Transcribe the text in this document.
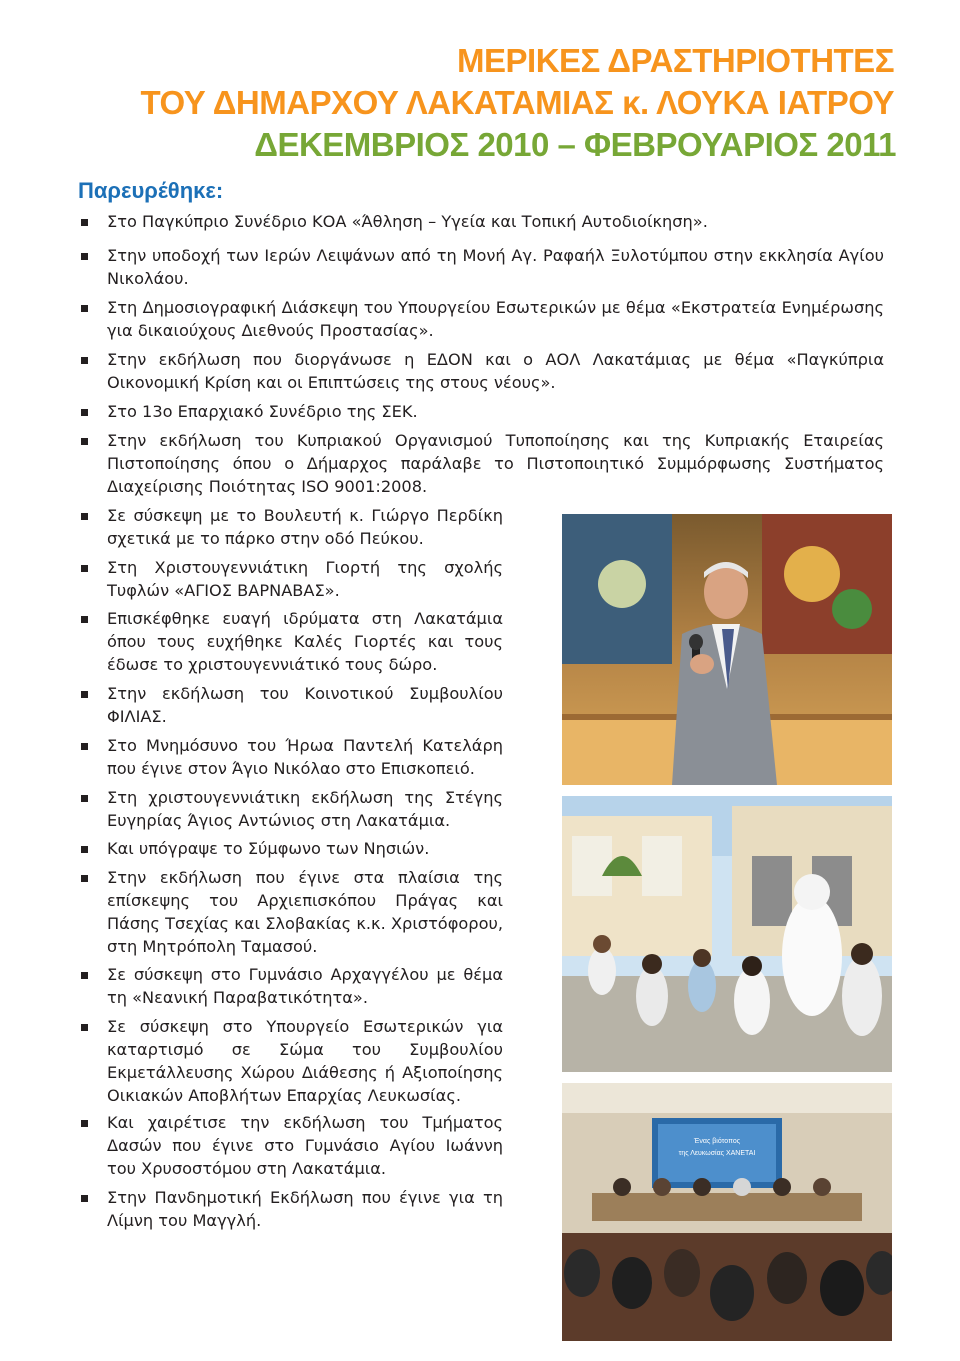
ΜΕΡΙΚΕΣ ΔΡΑΣΤΗΡΙΟΤΗΤΕΣ
ΤΟΥ ΔΗΜΑΡΧΟΥ ΛΑΚΑΤΑΜΙΑΣ κ. ΛΟΥΚΑ ΙΑΤΡΟΥ
ΔΕΚΕΜΒΡΙΟΣ 2010 – ΦΕΒΡΟΥΑΡΙΟΣ 2011
Παρευρέθηκε:
Στο Παγκύπριο Συνέδριο ΚΟΑ «Άθληση – Υγεία και Τοπική Αυτοδιοίκηση».
Στην υποδοχή των Ιερών Λειψάνων από τη Μονή Αγ. Ραφαήλ Ξυλοτύμπου στην εκκλησία Αγίου Νικολάου.
Στη Δημοσιογραφική Διάσκεψη του Υπουργείου Εσωτερικών με θέμα «Εκστρατεία Ενημέρωσης για δικαιούχους Διεθνούς Προστασίας».
Στην εκδήλωση που διοργάνωσε η ΕΔΟΝ και ο ΑΟΛ Λακατάμιας με θέμα «Παγκύπρια Οικονομική Κρίση και οι Επιπτώσεις της στους νέους».
Στο 13ο Επαρχιακό Συνέδριο της ΣΕΚ.
Στην εκδήλωση του Κυπριακού Οργανισμού Τυποποίησης και της Κυπριακής Εταιρείας Πιστοποίησης όπου ο Δήμαρχος παράλαβε το Πιστοποιητικό Συμμόρφωσης Συστήματος Διαχείρισης Ποιότητας ISO 9001:2008.
Σε σύσκεψη με το Βουλευτή κ. Γιώργο Περδίκη σχετικά με το πάρκο στην οδό Πεύκου.
Στη Χριστουγεννιάτικη Γιορτή της σχολής Τυφλών «ΑΓΙΟΣ ΒΑΡΝΑΒΑΣ».
Επισκέφθηκε ευαγή ιδρύματα στη Λακατάμια όπου τους ευχήθηκε Καλές Γιορτές και τους έδωσε το χριστουγεννιάτικό τους δώρο.
Στην εκδήλωση του Κοινοτικού Συμβουλίου ΦΙΛΙΑΣ.
Στο Μνημόσυνο του Ήρωα Παντελή Κατελάρη που έγινε στον Άγιο Νικόλαο στο Επισκοπειό.
Στη χριστουγεννιάτικη εκδήλωση της Στέγης Ευγηρίας Άγιος Αντώνιος στη Λακατάμια.
Και υπόγραψε το Σύμφωνο των Νησιών.
Στην εκδήλωση που έγινε στα πλαίσια της επίσκεψης του Αρχιεπισκόπου Πράγας και Πάσης Τσεχίας και Σλοβακίας κ.κ. Χριστόφορου, στη Μητρόπολη Ταμασού.
Σε σύσκεψη στο Γυμνάσιο Αρχαγγέλου με θέμα τη «Νεανική Παραβατικότητα».
Σε σύσκεψη στο Υπουργείο Εσωτερικών για καταρτισμό σε Σώμα του Συμβουλίου Εκμετάλλευσης Χώρου Διάθεσης ή Αξιοποίησης Οικιακών Αποβλήτων Επαρχίας Λευκωσίας.
Και χαιρέτισε την εκδήλωση του Τμήματος Δασών που έγινε στο Γυμνάσιο Αγίου Ιωάννη του Χρυσοστόμου στη Λακατάμια.
Στην Πανδημοτική Εκδήλωση που έγινε για τη Λίμνη του Μαγγλή.
Ένας βιότοπος
της Λευκωσίας ΧΑΝΕΤΑΙ
